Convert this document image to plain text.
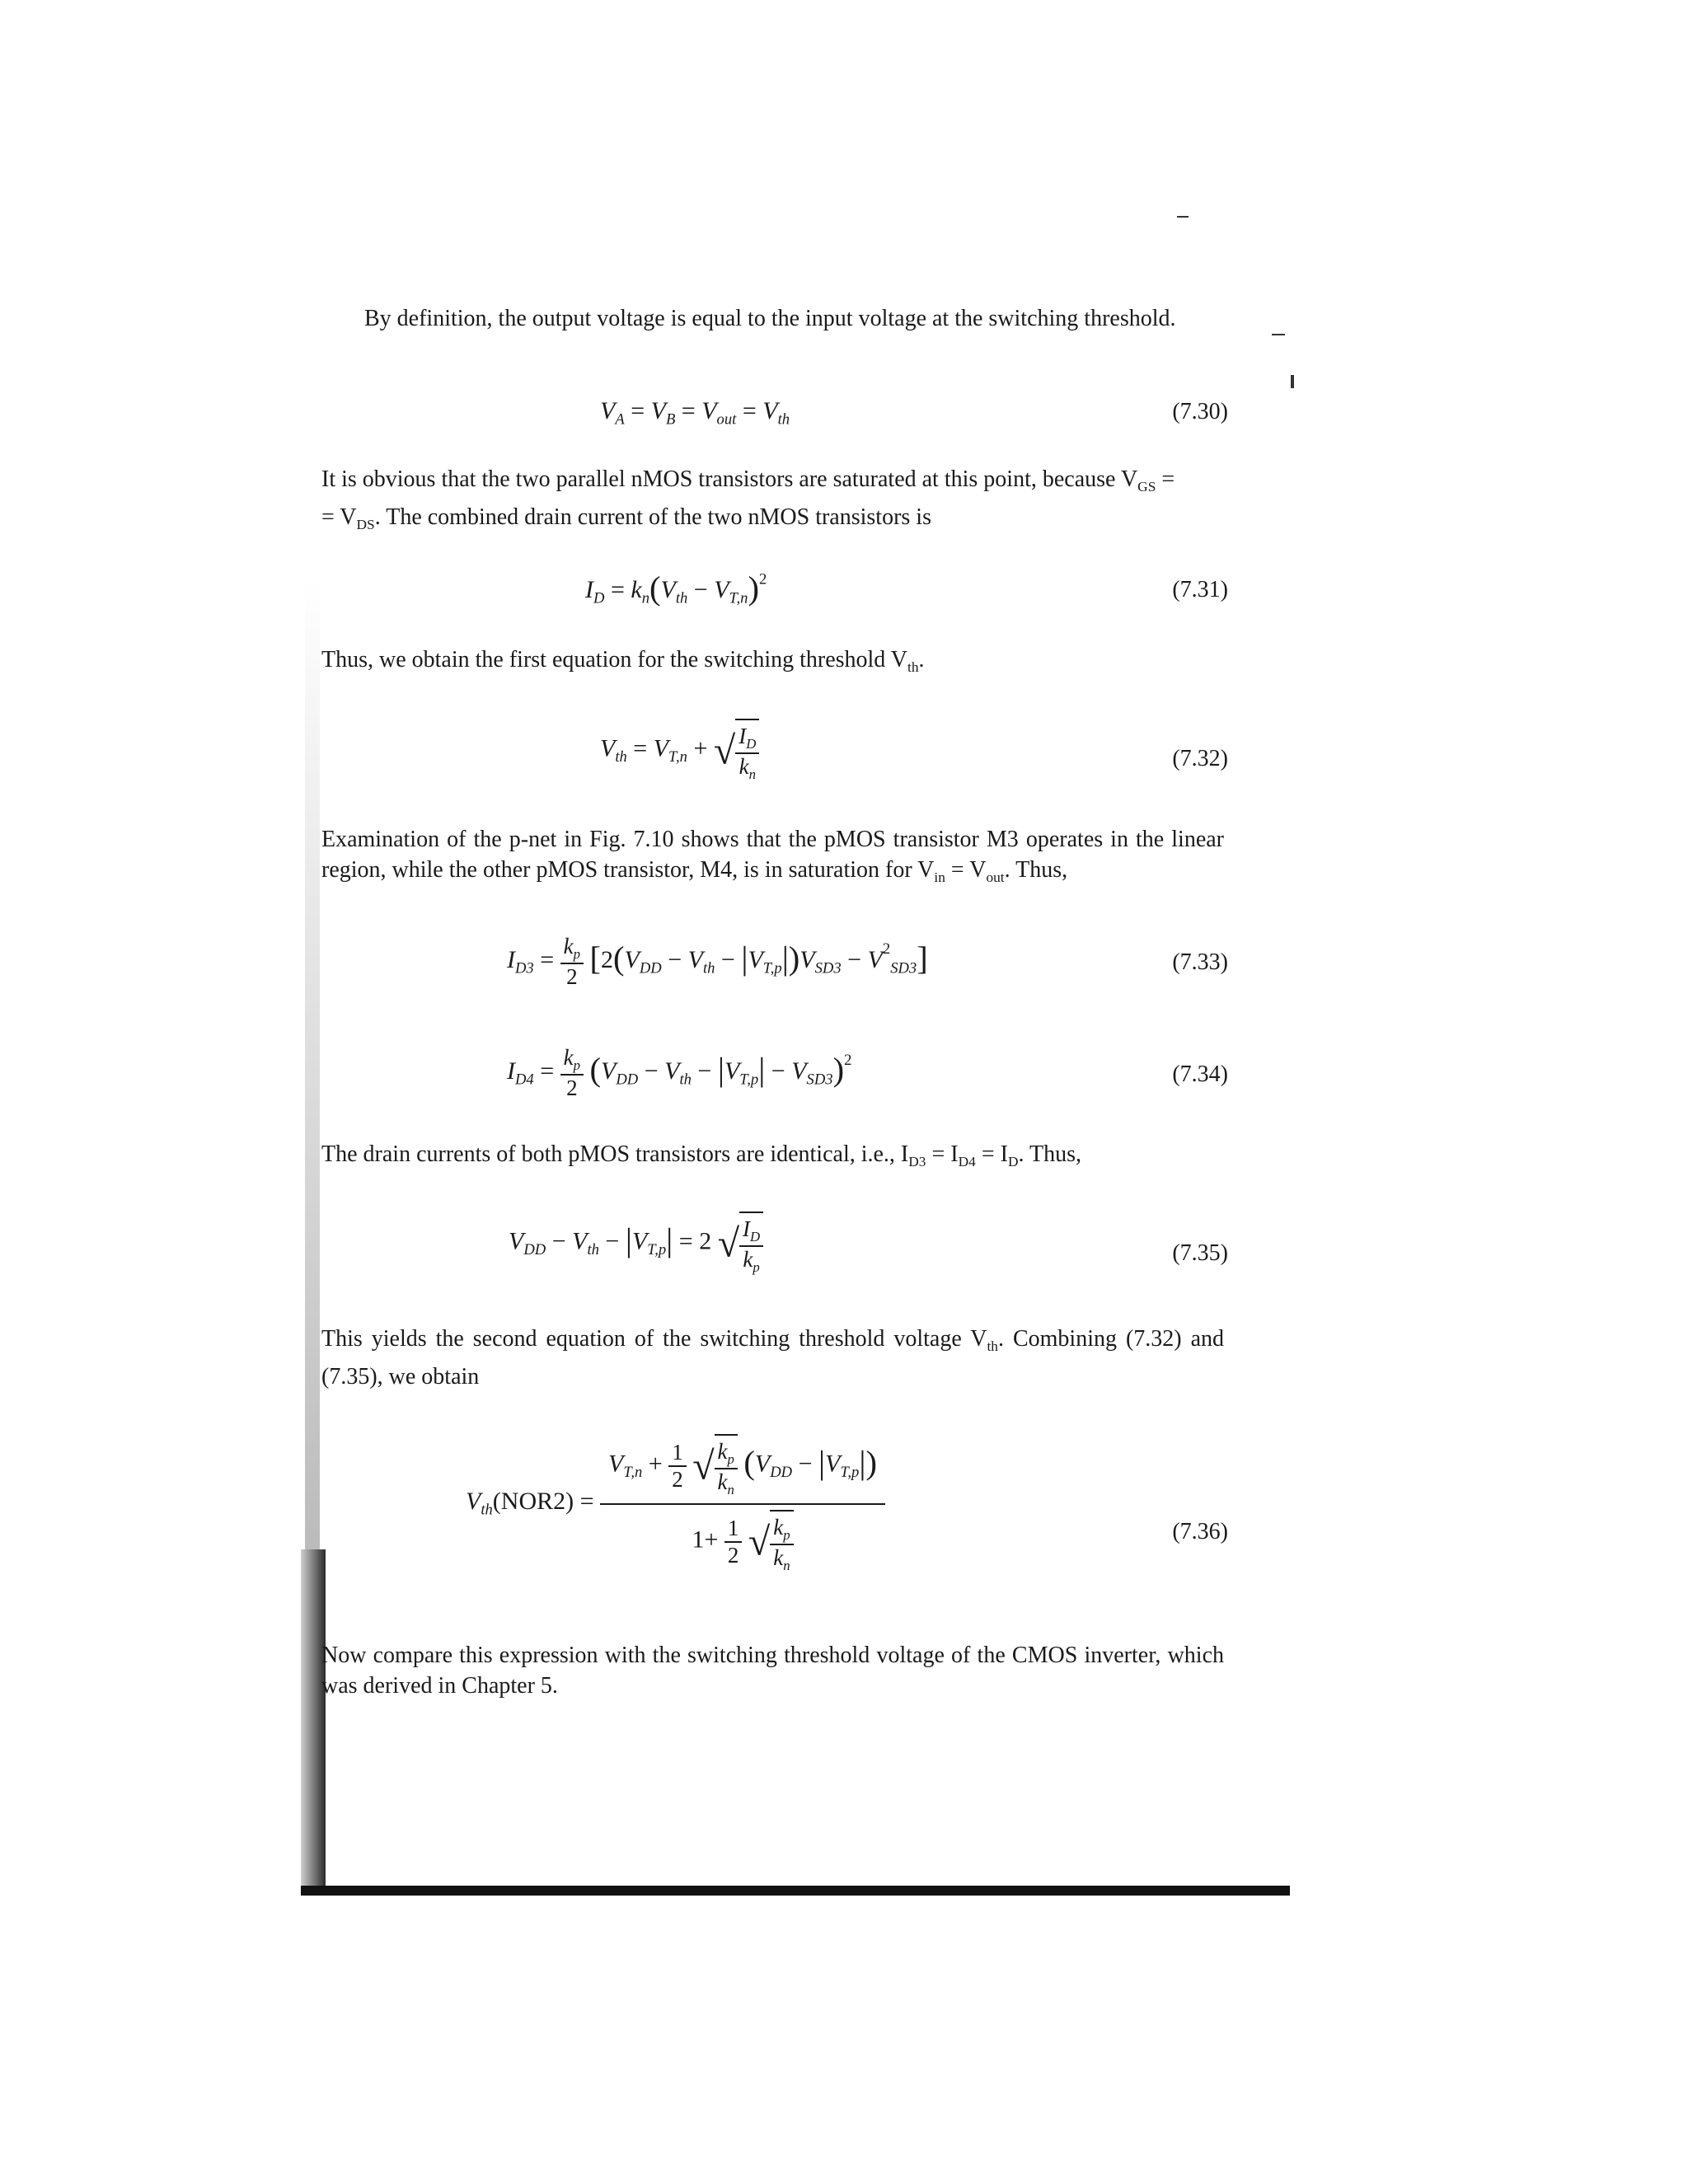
By definition, the output voltage is equal to the input voltage at the switching threshold.
$V_A = V_B = V_{out} = V_{th}$	(7.30)
It is obvious that the two parallel nMOS transistors are saturated at this point, because $V_{GS}$ =
= $V_{DS}$. The combined drain current of the two nMOS transistors is
$I_D = k_n(V_{th} - V_{T,n})^2$	(7.31)
Thus, we obtain the first equation for the switching threshold $V_{th}$.
$V_{th} = V_{T,n}$ + √ $\frac{I_D}{k_n}$	(7.32)
Examination of the p-net in Fig. 7.10 shows that the pMOS transistor M3 operates in the linear region, while the other pMOS transistor, M4, is in saturation for $V_{in} = V_{out}$. Thus,
$I_{D3} = \frac{k_p}{2} [2(V_{DD} - V_{th} - |V_{T,p}|)V_{SD3} - V^2_{SD3}]$	(7.33)
$I_{D4} = \frac{k_p}{2} (V_{DD} - V_{th} - |V_{T,p}| - V_{SD3})^2$
(7.34)
The drain currents of both pMOS transistors are identical, i.e., $I_{D3} = I_{D4} = I_D$. Thus,
$V_{DD} - V_{th} - |V_{T,p}| = 2$ √ $\frac{I_D}{k_p}$	(7.35)
This yields the second equation of the switching threshold voltage $V_{th}$. Combining (7.32) and (7.35), we obtain
$V_{th}(NOR2) = \frac{V_{T,n} + \frac{1}{2} √ \frac{k_p}{k_n} (V_{DD} - |V_{T,p}|)}{1+ \frac{1}{2} √ \frac{k_p}{k_n}}$	(7.36)
Now compare this expression with the switching threshold voltage of the CMOS inverter, which was derived in Chapter 5.
